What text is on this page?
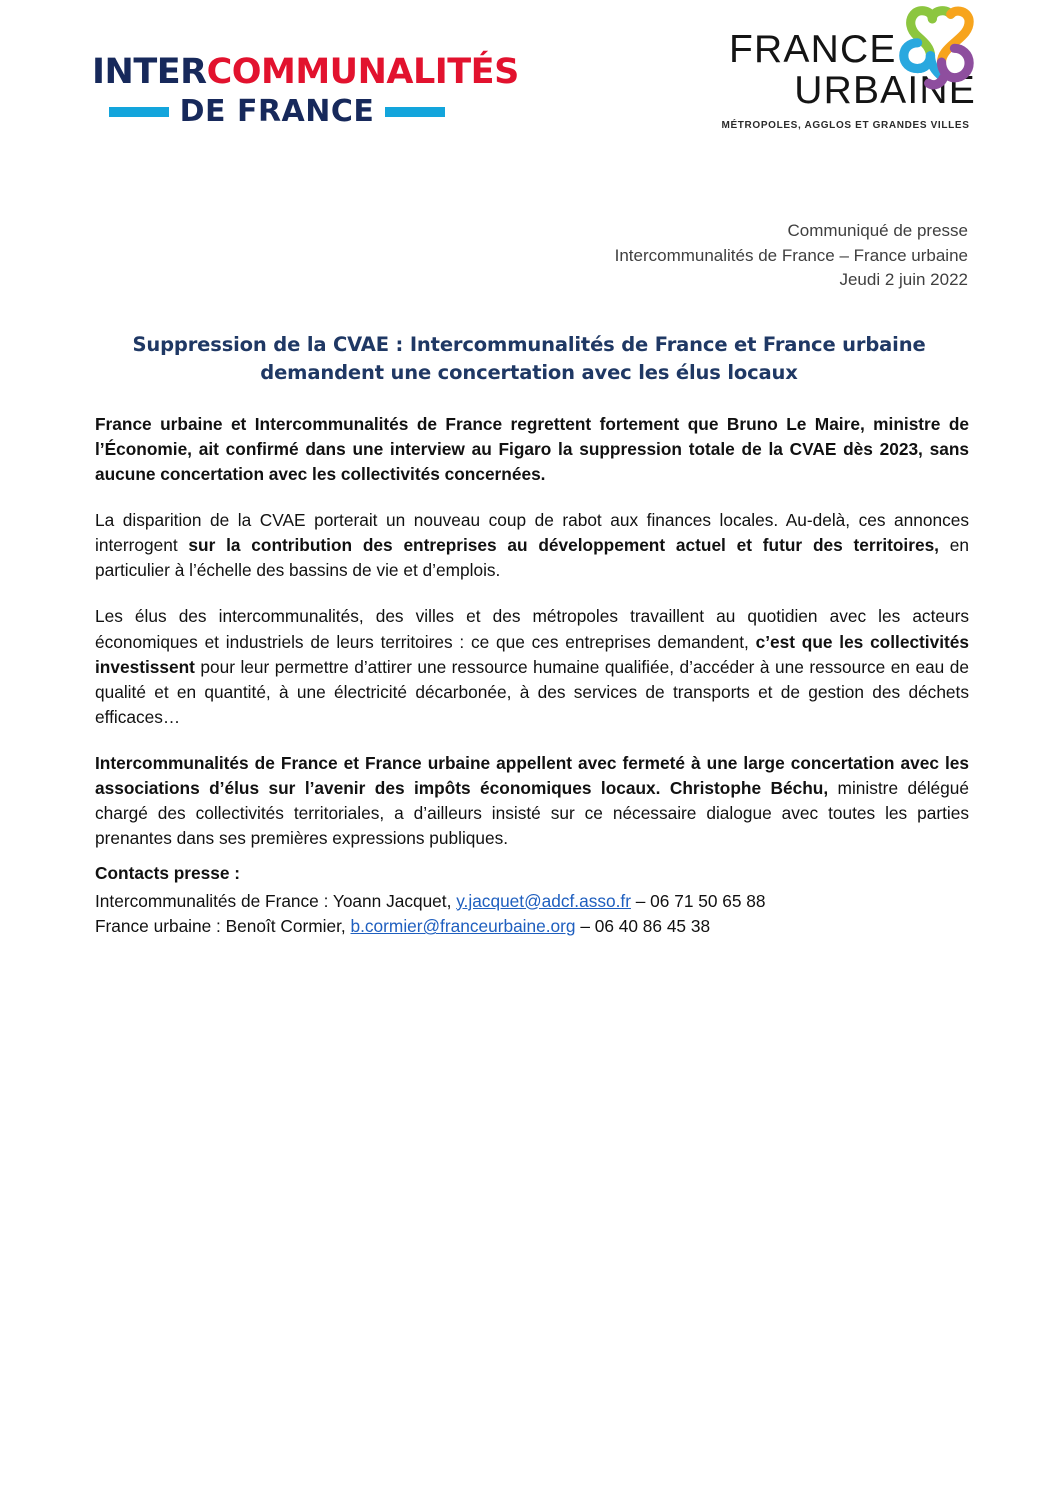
INTERCOMMUNALITÉS
DE FRANCE
FRANCE
URBAINE
MÉTROPOLES, AGGLOS ET GRANDES VILLES
Communiqué de presse
Intercommunalités de France – France urbaine
Jeudi 2 juin 2022
Suppression de la CVAE : Intercommunalités de France et France urbaine
demandent une concertation avec les élus locaux

France urbaine et Intercommunalités de France regrettent fortement que Bruno Le Maire, ministre de l’Économie, ait confirmé dans une interview au Figaro la suppression totale de la CVAE dès 2023, sans aucune concertation avec les collectivités concernées.

La disparition de la CVAE porterait un nouveau coup de rabot aux finances locales. Au-delà, ces annonces interrogent sur la contribution des entreprises au développement actuel et futur des territoires, en particulier à l’échelle des bassins de vie et d’emplois.

Les élus des intercommunalités, des villes et des métropoles travaillent au quotidien avec les acteurs économiques et industriels de leurs territoires : ce que ces entreprises demandent, c’est que les collectivités investissent pour leur permettre d’attirer une ressource humaine qualifiée, d’accéder à une ressource en eau de qualité et en quantité, à une électricité décarbonée, à des services de transports et de gestion des déchets efficaces…

Intercommunalités de France et France urbaine appellent avec fermeté à une large concertation avec les associations d’élus sur l’avenir des impôts économiques locaux. Christophe Béchu, ministre délégué chargé des collectivités territoriales, a d’ailleurs insisté sur ce nécessaire dialogue avec toutes les parties prenantes dans ses premières expressions publiques.

Contacts presse :
Intercommunalités de France : Yoann Jacquet, y.jacquet@adcf.asso.fr – 06 71 50 65 88
France urbaine : Benoît Cormier, b.cormier@franceurbaine.org – 06 40 86 45 38
